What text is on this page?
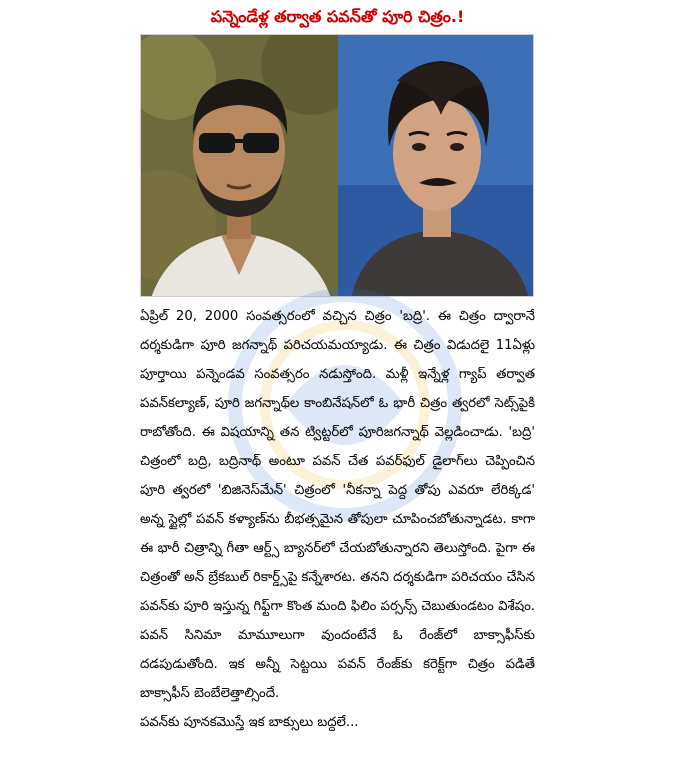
పన్నెండేళ్ల తర్వాత పవన్‌తో పూరి చిత్రం.!
ఏప్రిల్ 20, 2000 సంవత్సరంలో వచ్చిన చిత్రం 'బద్రి'. ఈ చిత్రం ద్వారానే దర్శకుడిగా పూరి జగన్నాథ్ పరిచయమయ్యాడు. ఈ చిత్రం విడుదలై 11ఏళ్లు పూర్తాయి పన్నెండవ సంవత్సరం నడుస్తోంది. మళ్లీ ఇన్నేళ్ల గ్యాప్ తర్వాత పవన్‌కల్యాణ్, పూరి జగన్నాథ్‌ల కాంబినేషన్‌లో ఓ భారీ చిత్రం త్వరలో సెట్స్‌పైకి రాబోతోంది. ఈ విషయాన్ని తన ట్విట్టర్‌లో పూరిజగన్నాథ్ వెల్లడించాడు. 'బద్రి' చిత్రంలో బద్రి, బద్రినాథ్ అంటూ పవన్ చేత పవర్‌ఫుల్ డైలాగ్‌లు చెప్పించిన పూరి త్వరలో 'బిజినెస్‌మేన్' చిత్రంలో 'నీకన్నా పెద్ద తోపు ఎవరూ లేరిక్కడ' అన్న స్టైల్లో పవన్ కళ్యాణ్‌ను బీభత్సమైన తోపులా చూపించబోతున్నాడట. కాగా ఈ భారీ చిత్రాన్ని గీతా ఆర్ట్స్ బ్యానర్‌లో చేయబోతున్నారని తెలుస్తోంది. పైగా ఈ చిత్రంతో అన్ బ్రేకబుల్ రికార్డ్స్‌పై కన్నేశారట. తనని దర్శకుడిగా పరిచయం చేసిన పవన్‌కు పూరి ఇస్తున్న గిఫ్ట్‌గా కొంత మంది ఫిలిం పర్సన్స్ చెబుతుండటం విశేషం. పవన్ సినిమా మామూలుగా వుందంటేనే ఓ రేంజ్‌లో బాక్సాఫీస్‌కు దడపుడుతోంది. ఇక అన్నీ సెట్టయి పవన్ రేంజ్‌కు కరెక్ట్‌గా చిత్రం పడితే బాక్సాఫీస్ బెంబేలెత్తాల్సిందే.
పవన్‌కు పూనకమొస్తే ఇక బాక్సులు బద్దలే...
